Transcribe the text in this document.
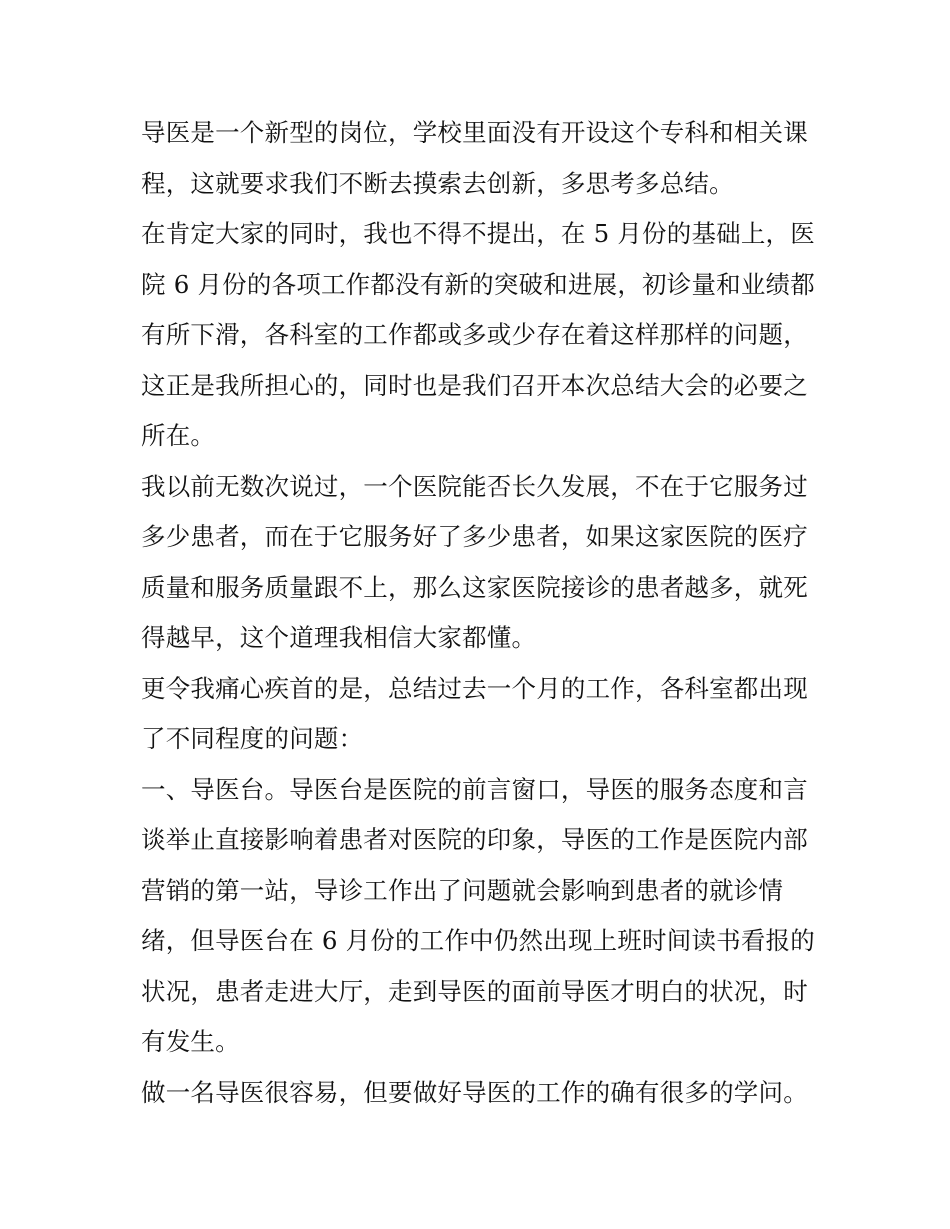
导医是一个新型的岗位，学校里面没有开设这个专科和相关课
程，这就要求我们不断去摸索去创新，多思考多总结。
在肯定大家的同时，我也不得不提出，在 5 月份的基础上，医
院 6 月份的各项工作都没有新的突破和进展，初诊量和业绩都
有所下滑，各科室的工作都或多或少存在着这样那样的问题，
这正是我所担心的，同时也是我们召开本次总结大会的必要之
所在。
我以前无数次说过，一个医院能否长久发展，不在于它服务过
多少患者，而在于它服务好了多少患者，如果这家医院的医疗
质量和服务质量跟不上，那么这家医院接诊的患者越多，就死
得越早，这个道理我相信大家都懂。
更令我痛心疾首的是，总结过去一个月的工作，各科室都出现
了不同程度的问题：
一、导医台。导医台是医院的前言窗口，导医的服务态度和言
谈举止直接影响着患者对医院的印象，导医的工作是医院内部
营销的第一站，导诊工作出了问题就会影响到患者的就诊情
绪，但导医台在 6 月份的工作中仍然出现上班时间读书看报的
状况，患者走进大厅，走到导医的面前导医才明白的状况，时
有发生。
做一名导医很容易，但要做好导医的工作的确有很多的学问。
